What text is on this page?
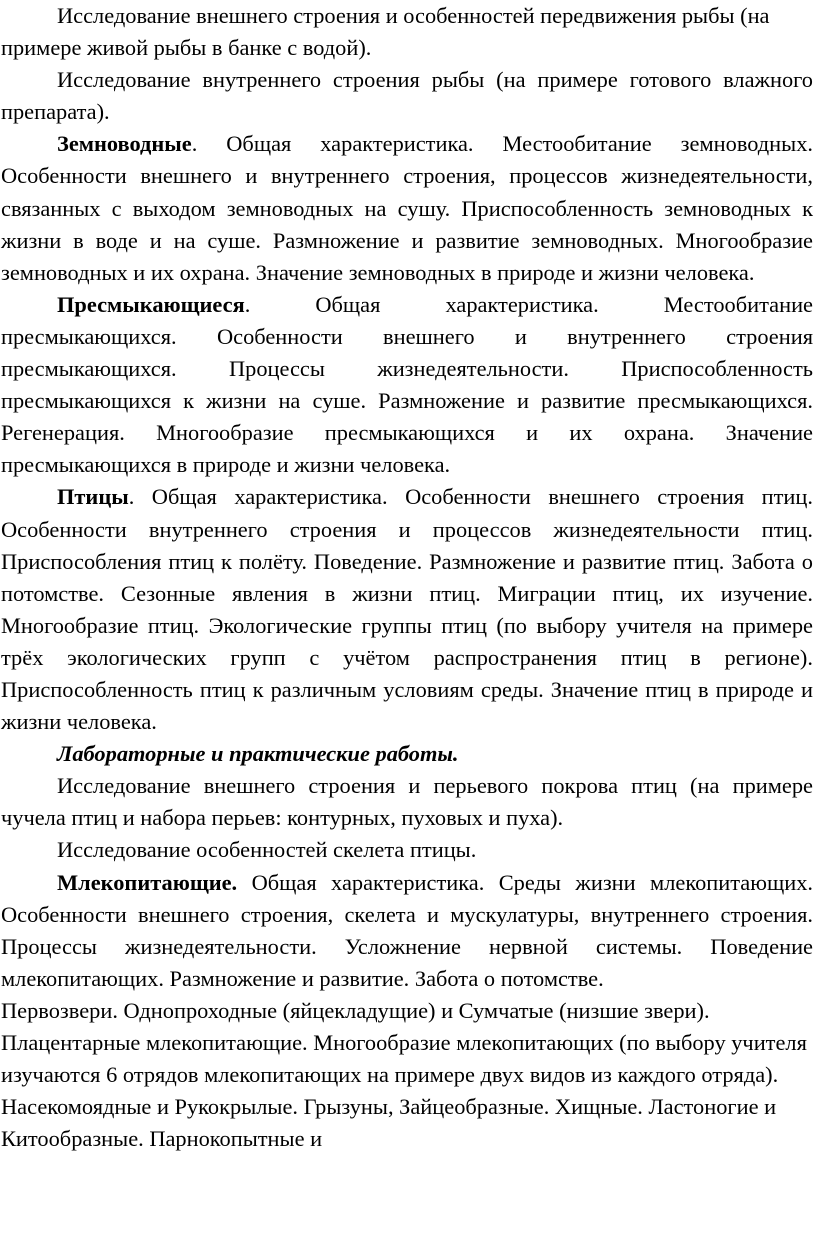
Исследование внешнего строения и особенностей передвижения рыбы (на примере живой рыбы в банке с водой).

Исследование внутреннего строения рыбы (на примере готового влажного препарата).

Земноводные. Общая характеристика. Местообитание земноводных. Особенности внешнего и внутреннего строения, процессов жизнедеятельности, связанных с выходом земноводных на сушу. Приспособленность земноводных к жизни в воде и на суше. Размножение и развитие земноводных. Многообразие земноводных и их охрана. Значение земноводных в природе и жизни человека.

Пресмыкающиеся. Общая характеристика. Местообитание пресмыкающихся. Особенности внешнего и внутреннего строения пресмыкающихся. Процессы жизнедеятельности. Приспособленность пресмыкающихся к жизни на суше. Размножение и развитие пресмыкающихся. Регенерация. Многообразие пресмыкающихся и их охрана. Значение пресмыкающихся в природе и жизни человека.

Птицы. Общая характеристика. Особенности внешнего строения птиц. Особенности внутреннего строения и процессов жизнедеятельности птиц. Приспособления птиц к полёту. Поведение. Размножение и развитие птиц. Забота о потомстве. Сезонные явления в жизни птиц. Миграции птиц, их изучение. Многообразие птиц. Экологические группы птиц (по выбору учителя на примере трёх экологических групп с учётом распространения птиц в регионе). Приспособленность птиц к различным условиям среды. Значение птиц в природе и жизни человека.

Лабораторные и практические работы.

Исследование внешнего строения и перьевого покрова птиц (на примере чучела птиц и набора перьев: контурных, пуховых и пуха).

Исследование особенностей скелета птицы.

Млекопитающие. Общая характеристика. Среды жизни млекопитающих. Особенности внешнего строения, скелета и мускулатуры, внутреннего строения. Процессы жизнедеятельности. Усложнение нервной системы. Поведение млекопитающих. Размножение и развитие. Забота о потомстве.

Первозвери. Однопроходные (яйцекладущие) и Сумчатые (низшие звери).

Плацентарные млекопитающие. Многообразие млекопитающих (по выбору учителя изучаются 6 отрядов млекопитающих на примере двух видов из каждого отряда). Насекомоядные и Рукокрылые. Грызуны, Зайцеобразные. Хищные. Ластоногие и Китообразные. Парнокопытные и
